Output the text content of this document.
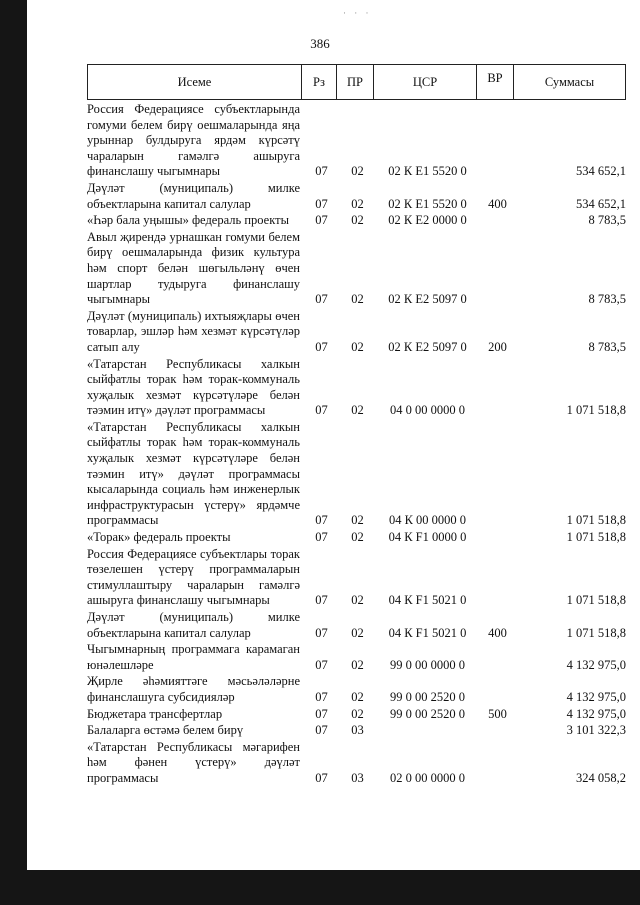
· · ·
386
Исеме	Рз	ПР	ЦСР	ВР	Суммасы
Россия Федерациясе субъектларында гомуми белем бирү оешмаларында яңа урыннар булдыруга ярдәм күрсәтү чараларын гамәлгә ашыруга финанслашу чыгымнары	07	02	02 К E1 5520 0		534 652,1
Дәүләт (муниципаль) милке объектларына капитал салулар	07	02	02 К E1 5520 0	400	534 652,1
«Һәр бала уңышы» федераль проекты	07	02	02 К E2 0000 0		8 783,5
Авыл җирендә урнашкан гомуми белем бирү оешмаларында физик культура һәм спорт белән шөгыльләнү өчен шартлар тудыруга финанслашу чыгымнары	07	02	02 К E2 5097 0		8 783,5
Дәүләт (муниципаль) ихтыяҗлары өчен товарлар, эшләр һәм хезмәт күрсәтүләр сатып алу	07	02	02 К E2 5097 0	200	8 783,5
«Татарстан Республикасы халкын сыйфатлы торак һәм торак-коммуналь хуҗалык хезмәт күрсәтүләре белән тәэмин итү» дәүләт программасы	07	02	04 0 00 0000 0		1 071 518,8
«Татарстан Республикасы халкын сыйфатлы торак һәм торак-коммуналь хуҗалык хезмәт күрсәтүләре белән тәэмин итү» дәүләт программасы кысаларында социаль һәм инженерлык инфраструктурасын үстерү» ярдәмче программасы	07	02	04 К 00 0000 0		1 071 518,8
«Торак» федераль проекты	07	02	04 К F1 0000 0		1 071 518,8
Россия Федерациясе субъектлары торак төзелешен үстерү программаларын стимуллаштыру чараларын гамәлгә ашыруга финанслашу чыгымнары	07	02	04 К F1 5021 0		1 071 518,8
Дәүләт (муниципаль) милке объектларына капитал салулар	07	02	04 К F1 5021 0	400	1 071 518,8
Чыгымнарның программага карамаган юнәлешләре	07	02	99 0 00 0000 0		4 132 975,0
Җирле әһәмияттәге мәсьәләләрне финанслашуга субсидияләр	07	02	99 0 00 2520 0		4 132 975,0
Бюджетара трансфертлар	07	02	99 0 00 2520 0	500	4 132 975,0
Балаларга өстәмә белем бирү	07	03			3 101 322,3
«Татарстан Республикасы мәгарифен һәм фәнен үстерү» дәүләт программасы	07	03	02 0 00 0000 0		324 058,2
